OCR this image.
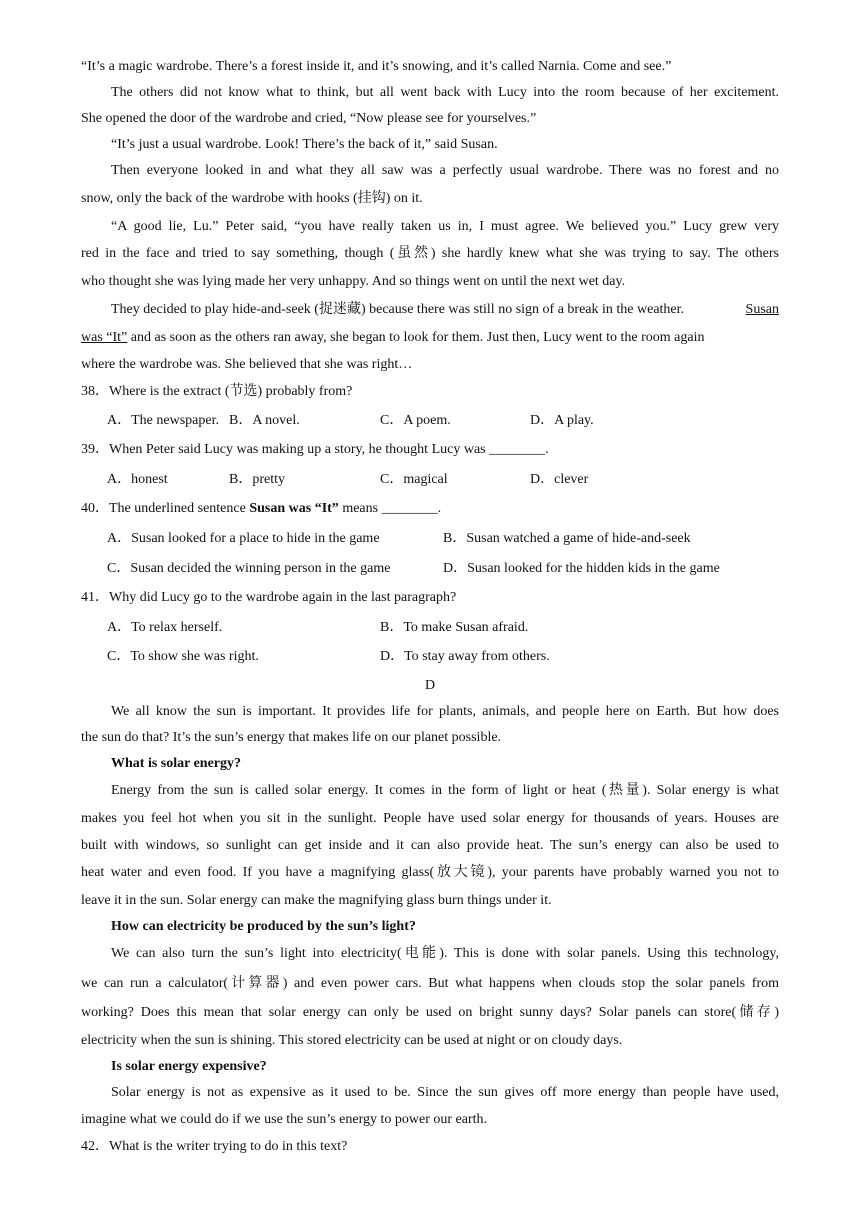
“It’s a magic wardrobe. There’s a forest inside it, and it’s snowing, and it’s called Narnia. Come and see.”
The others did not know what to think, but all went back with Lucy into the room because of her excitement.
She opened the door of the wardrobe and cried, “Now please see for yourselves.”
“It’s just a usual wardrobe. Look! There’s the back of it,” said Susan.
Then everyone looked in and what they all saw was a perfectly usual wardrobe. There was no forest and no
snow, only the back of the wardrobe with hooks (挂钩) on it.
“A good lie, Lu.” Peter said, “you have really taken us in, I must agree. We believed you.” Lucy grew very
red in the face and tried to say something, though (虽然) she hardly knew what she was trying to say. The others
who thought she was lying made her very unhappy. And so things went on until the next wet day.
They decided to play hide-and-seek (捉迷藏) because there was still no sign of a break in the weather.	Susan
was “It” and as soon as the others ran away, she began to look for them. Just then, Lucy went to the room again
where the wardrobe was. She believed that she was right…
38．Where is the extract (节选) probably from?
A．The newspaper. B．A novel.	C．A poem.	D．A play.
39．When Peter said Lucy was making up a story, he thought Lucy was ________.
A．honest	B．pretty	C．magical	D．clever
40．The underlined sentence Susan was “It” means ________.
A．Susan looked for a place to hide in the game	B．Susan watched a game of hide-and-seek
C．Susan decided the winning person in the game	D．Susan looked for the hidden kids in the game
41．Why did Lucy go to the wardrobe again in the last paragraph?
A．To relax herself.	B．To make Susan afraid.
C．To show she was right.	D．To stay away from others.
D
We all know the sun is important. It provides life for plants, animals, and people here on Earth. But how does
the sun do that? It’s the sun’s energy that makes life on our planet possible.
What is solar energy?
Energy from the sun is called solar energy. It comes in the form of light or heat (热量). Solar energy is what
makes you feel hot when you sit in the sunlight. People have used solar energy for thousands of years. Houses are
built with windows, so sunlight can get inside and it can also provide heat. The sun’s energy can also be used to
heat water and even food. If you have a magnifying glass(放大镜), your parents have probably warned you not to
leave it in the sun. Solar energy can make the magnifying glass burn things under it.
How can electricity be produced by the sun’s light?
We can also turn the sun’s light into electricity(电能). This is done with solar panels. Using this technology,
we can run a calculator(计算器) and even power cars. But what happens when clouds stop the solar panels from
working? Does this mean that solar energy can only be used on bright sunny days? Solar panels can store(储存)
electricity when the sun is shining. This stored electricity can be used at night or on cloudy days.
Is solar energy expensive?
Solar energy is not as expensive as it used to be. Since the sun gives off more energy than people have used,
imagine what we could do if we use the sun’s energy to power our earth.
42．What is the writer trying to do in this text?
